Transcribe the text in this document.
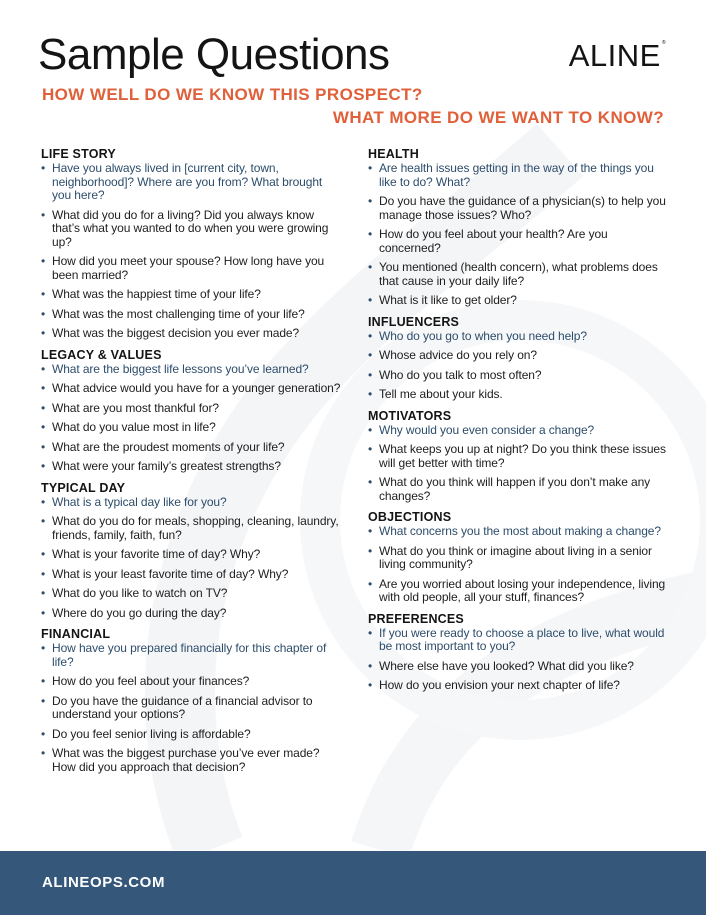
Sample Questions	ALINE®
HOW WELL DO WE KNOW THIS PROSPECT?
WHAT MORE DO WE WANT TO KNOW?
LIFE STORY
• Have you always lived in [current city, town, neighborhood]? Where are you from? What brought you here?
• What did you do for a living? Did you always know that’s what you wanted to do when you were growing up?
• How did you meet your spouse? How long have you been married?
• What was the happiest time of your life?
• What was the most challenging time of your life?
• What was the biggest decision you ever made?
LEGACY & VALUES
• What are the biggest life lessons you’ve learned?
• What advice would you have for a younger generation?
• What are you most thankful for?
• What do you value most in life?
• What are the proudest moments of your life?
• What were your family’s greatest strengths?
TYPICAL DAY
• What is a typical day like for you?
• What do you do for meals, shopping, cleaning, laundry, friends, family, faith, fun?
• What is your favorite time of day? Why?
• What is your least favorite time of day? Why?
• What do you like to watch on TV?
• Where do you go during the day?
FINANCIAL
• How have you prepared financially for this chapter of life?
• How do you feel about your finances?
• Do you have the guidance of a financial advisor to understand your options?
• Do you feel senior living is affordable?
• What was the biggest purchase you’ve ever made? How did you approach that decision?
HEALTH
• Are health issues getting in the way of the things you like to do? What?
• Do you have the guidance of a physician(s) to help you manage those issues? Who?
• How do you feel about your health? Are you concerned?
• You mentioned (health concern), what problems does that cause in your daily life?
• What is it like to get older?
INFLUENCERS
• Who do you go to when you need help?
• Whose advice do you rely on?
• Who do you talk to most often?
• Tell me about your kids.
MOTIVATORS
• Why would you even consider a change?
• What keeps you up at night? Do you think these issues will get better with time?
• What do you think will happen if you don’t make any changes?
OBJECTIONS
• What concerns you the most about making a change?
• What do you think or imagine about living in a senior living community?
• Are you worried about losing your independence, living with old people, all your stuff, finances?
PREFERENCES
• If you were ready to choose a place to live, what would be most important to you?
• Where else have you looked? What did you like?
• How do you envision your next chapter of life?
ALINEOPS.COM
